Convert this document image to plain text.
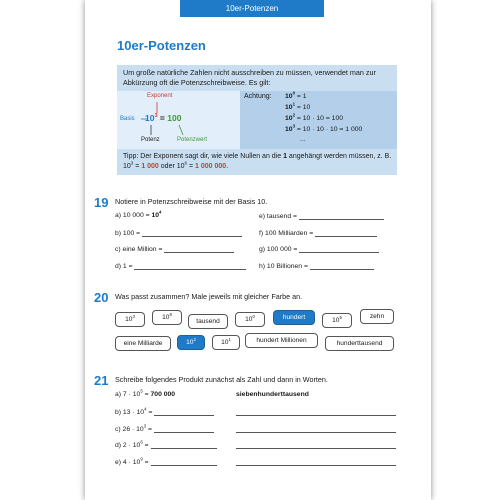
10er-Potenzen
10er-Potenzen
Um große natürliche Zahlen nicht ausschreiben zu müssen, verwendet man zur Abkürzung oft die Potenzschreibweise. Es gilt:
Exponent
Basis $10^3 = 100$
Potenz	Potenzwert
Achtung: $10^0 = 1$
$10^1 = 10$
$10^2 = 10 \cdot 10 = 100$
$10^3 = 10 \cdot 10 \cdot 10 = 1$ 000
...
Tipp: Der Exponent sagt dir, wie viele Nullen an die 1 angehängt werden müssen, z. B. $10^3 = 1$ 000 oder $10^6 = 1$ 000 000.
19 Notiere in Potenzschreibweise mit der Basis 10.
a) 10 $000 = 10^4$
b) 100 =
c) eine Million =
d) 1 =
e) tausend =
f) 100 Milliarden =
g) 100 000 =
h) 10 Billionen =
20 Was passt zusammen? Male jeweils mit gleicher Farbe an.
$10^3$	$10^8$
tausend	$10^0$	hundert	$10^5$	zehn
eine Milliarde	$10^2$	$10^1$	hundert Millionen	hunderttausend
21 Schreibe folgendes Produkt zunächst als Zahl und dann in Worten.
a) $7 \cdot 10^5 = 700$ 000	siebenhunderttausend
b) $13 \cdot 10^4$ =
c) $26 \cdot 10^3$ =
d) $2 \cdot 10^6$ =
e) $4 \cdot 10^9$ =
